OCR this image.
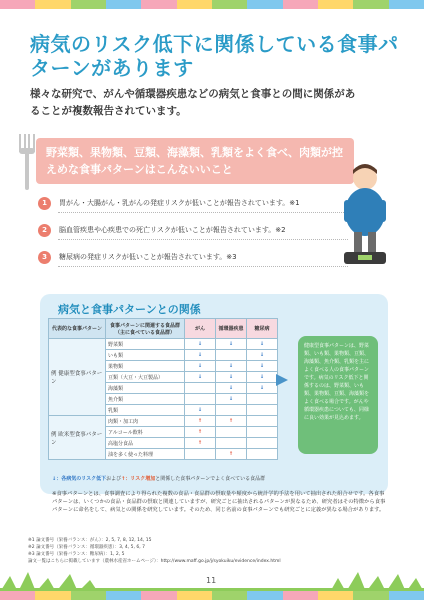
病気のリスク低下に関係している食事パターンがあります
様々な研究で、がんや循環器疾患などの病気と食事との間に関係があることが複数報告されています。
野菜類、果物類、豆類、海藻類、乳類をよく食べ、肉類が控えめな食事パターンはこんないいこと
1	胃がん・大腸がん・乳がんの発症リスクが低いことが報告されています。※1
2	脳血管疾患や心疾患での死亡リスクが低いことが報告されています。※2
3	糖尿病の発症リスクが低いことが報告されています。※3
病気と食事パターンとの関係
代表的な食事パターン	食事パターンに関連する食品群（主に食べている食品群）	がん	循環器疾患	糖尿病
例 健康型食事パターン	野菜類	↓	↓	↓
	いも類	↓		↓
	果物類	↓	↓	↓
	豆類（大豆・大豆製品）	↓	↓	↓
	海藻類		↓	↓
	魚介類		↓	
	乳類	↓		
例 欧米型食事パターン	肉類・加工肉	↑	↑	
	アルコール飲料	↑		
	高塩分食品	↑		
	油を多く使った料理		↑	
健康型食事パターンは、野菜類、いも類、果物類、豆類、海藻類、魚介類、乳類を主によく食べる人の食事パターンです。病気のリスク低下と関係するのは、野菜類、いも類、果物類、豆類、海藻類をよく食べる場合です。がんや循環器疾患についても、同様に良い効果が見込めます。
↓：各病気のリスク低下および↑：リスク増加と関係した食事パターンでよく食べている食品群
※食事パターンとは、食事調査により得られた複数の食品・食品群の摂取量や頻度から統計学的手法を用いて抽出された組合せです。各食事パターンは、いくつかの食品・食品群の摂取と関連していますが、研究ごとに抽出されるパターンが異なるため、研究者はその特徴から食事パターンに命名をして、病気との関係を研究しています。そのため、同じ名前の食事パターンでも研究ごとに定義が異なる場合があります。
※1 論文番号（栄養バランス：がん）：2, 5, 7, 8, 12, 14, 15
※2 論文番号（栄養バランス：循環器疾患）：3, 4, 5, 6, 7
※3 論文番号（栄養バランス：糖尿病）：1, 2, 5
論文一覧はこちらに掲載しています（農林水産省ホームページ）：http://www.maff.go.jp/j/syokuiku/evidence/index.html
11
